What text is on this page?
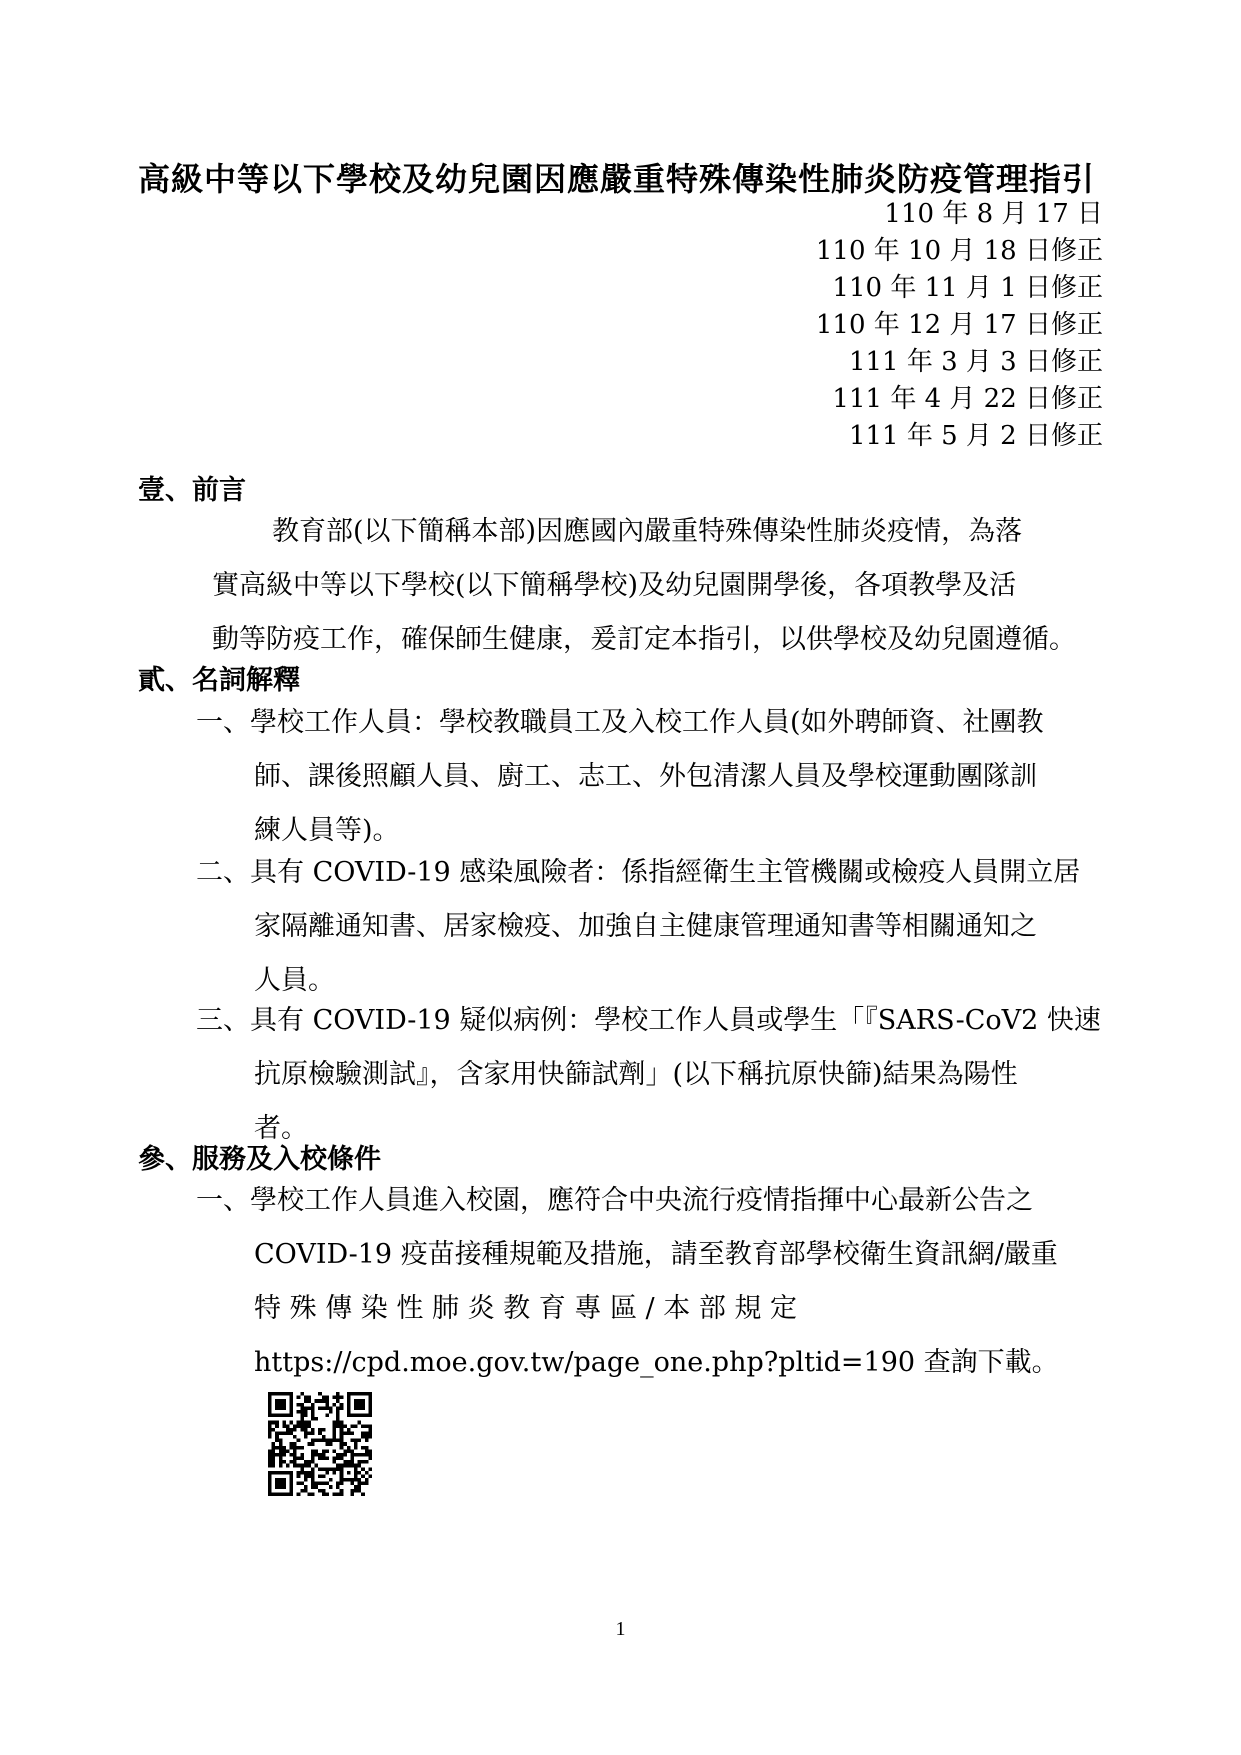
高級中等以下學校及幼兒園因應嚴重特殊傳染性肺炎防疫管理指引
110 年 8 月 17 日
110 年 10 月 18 日修正
110 年 11 月 1 日修正
110 年 12 月 17 日修正
111 年 3 月 3 日修正
111 年 4 月 22 日修正
111 年 5 月 2 日修正
壹、前言
教育部(以下簡稱本部)因應國內嚴重特殊傳染性肺炎疫情，為落
實高級中等以下學校(以下簡稱學校)及幼兒園開學後，各項教學及活
動等防疫工作，確保師生健康，爰訂定本指引，以供學校及幼兒園遵循。
貳、名詞解釋
一、學校工作人員：學校教職員工及入校工作人員(如外聘師資、社團教
師、課後照顧人員、廚工、志工、外包清潔人員及學校運動團隊訓
練人員等)。
二、具有 COVID-19 感染風險者：係指經衛生主管機關或檢疫人員開立居
家隔離通知書、居家檢疫、加強自主健康管理通知書等相關通知之
人員。
三、具有 COVID-19 疑似病例：學校工作人員或學生「『SARS-CoV2 快速
抗原檢驗測試』，含家用快篩試劑」(以下稱抗原快篩)結果為陽性
者。
參、服務及入校條件
一、學校工作人員進入校園，應符合中央流行疫情指揮中心最新公告之
COVID-19 疫苗接種規範及措施，請至教育部學校衛生資訊網/嚴重
特 殊 傳 染 性 肺 炎 教 育 專 區 / 本 部 規 定
https://cpd.moe.gov.tw/page_one.php?pltid=190 查詢下載。
1
